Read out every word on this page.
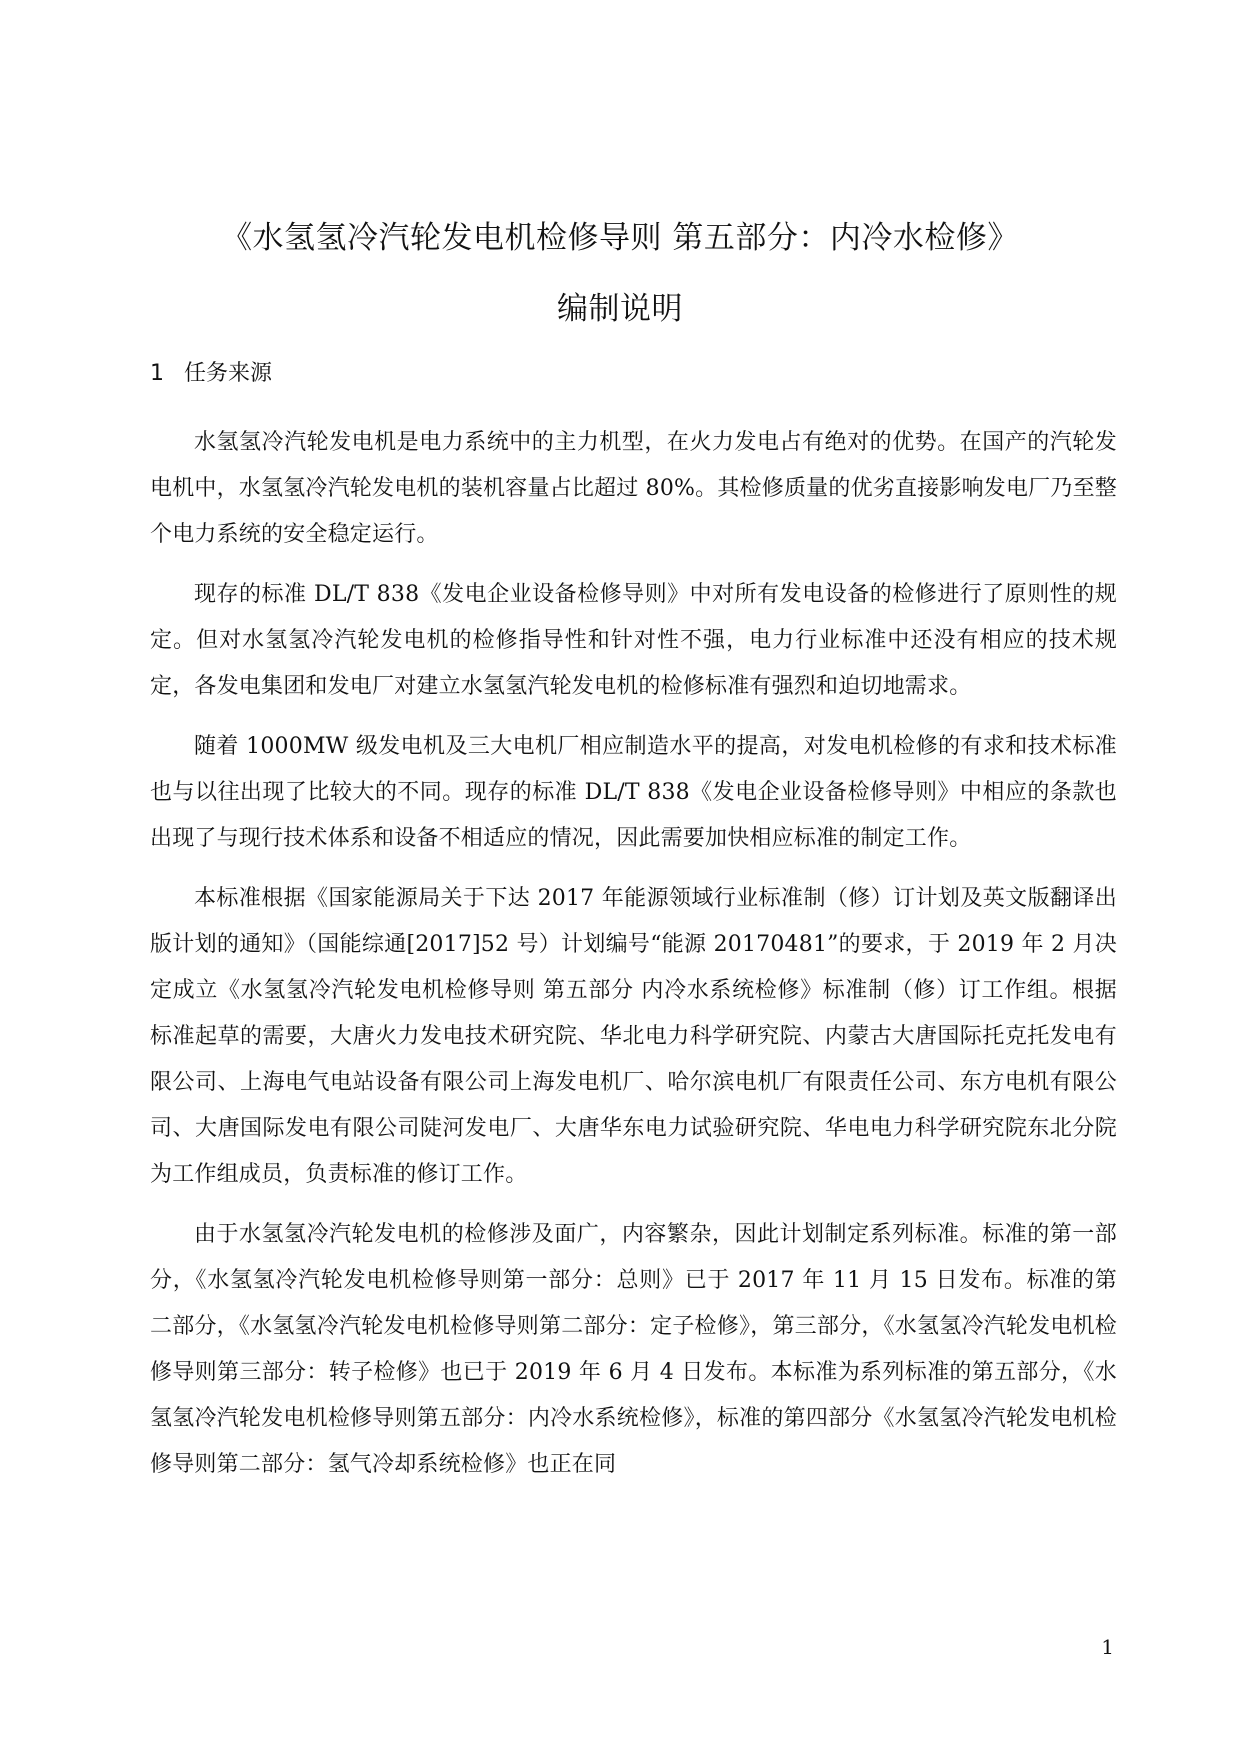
《水氢氢冷汽轮发电机检修导则 第五部分：内冷水检修》
编制说明
1 任务来源

水氢氢冷汽轮发电机是电力系统中的主力机型，在火力发电占有绝对的优势。在国产的汽轮发电机中，水氢氢冷汽轮发电机的装机容量占比超过 80%。其检修质量的优劣直接影响发电厂乃至整个电力系统的安全稳定运行。

现存的标准 DL/T 838《发电企业设备检修导则》中对所有发电设备的检修进行了原则性的规定。但对水氢氢冷汽轮发电机的检修指导性和针对性不强，电力行业标准中还没有相应的技术规定，各发电集团和发电厂对建立水氢氢汽轮发电机的检修标准有强烈和迫切地需求。

随着 1000MW 级发电机及三大电机厂相应制造水平的提高，对发电机检修的有求和技术标准也与以往出现了比较大的不同。现存的标准 DL/T 838《发电企业设备检修导则》中相应的条款也出现了与现行技术体系和设备不相适应的情况，因此需要加快相应标准的制定工作。

本标准根据《国家能源局关于下达 2017 年能源领域行业标准制（修）订计划及英文版翻译出版计划的通知》（国能综通[2017]52 号）计划编号“能源 20170481”的要求，于 2019 年 2 月决定成立《水氢氢冷汽轮发电机检修导则 第五部分 内冷水系统检修》标准制（修）订工作组。根据标准起草的需要，大唐火力发电技术研究院、华北电力科学研究院、内蒙古大唐国际托克托发电有限公司、上海电气电站设备有限公司上海发电机厂、哈尔滨电机厂有限责任公司、东方电机有限公司、大唐国际发电有限公司陡河发电厂、大唐华东电力试验研究院、华电电力科学研究院东北分院为工作组成员，负责标准的修订工作。

由于水氢氢冷汽轮发电机的检修涉及面广，内容繁杂，因此计划制定系列标准。标准的第一部分，《水氢氢冷汽轮发电机检修导则第一部分：总则》已于 2017 年 11 月 15 日发布。标准的第二部分，《水氢氢冷汽轮发电机检修导则第二部分：定子检修》，第三部分，《水氢氢冷汽轮发电机检修导则第三部分：转子检修》也已于 2019 年 6 月 4 日发布。本标准为系列标准的第五部分，《水氢氢冷汽轮发电机检修导则第五部分：内冷水系统检修》，标准的第四部分《水氢氢冷汽轮发电机检修导则第二部分：氢气冷却系统检修》也正在同

1
